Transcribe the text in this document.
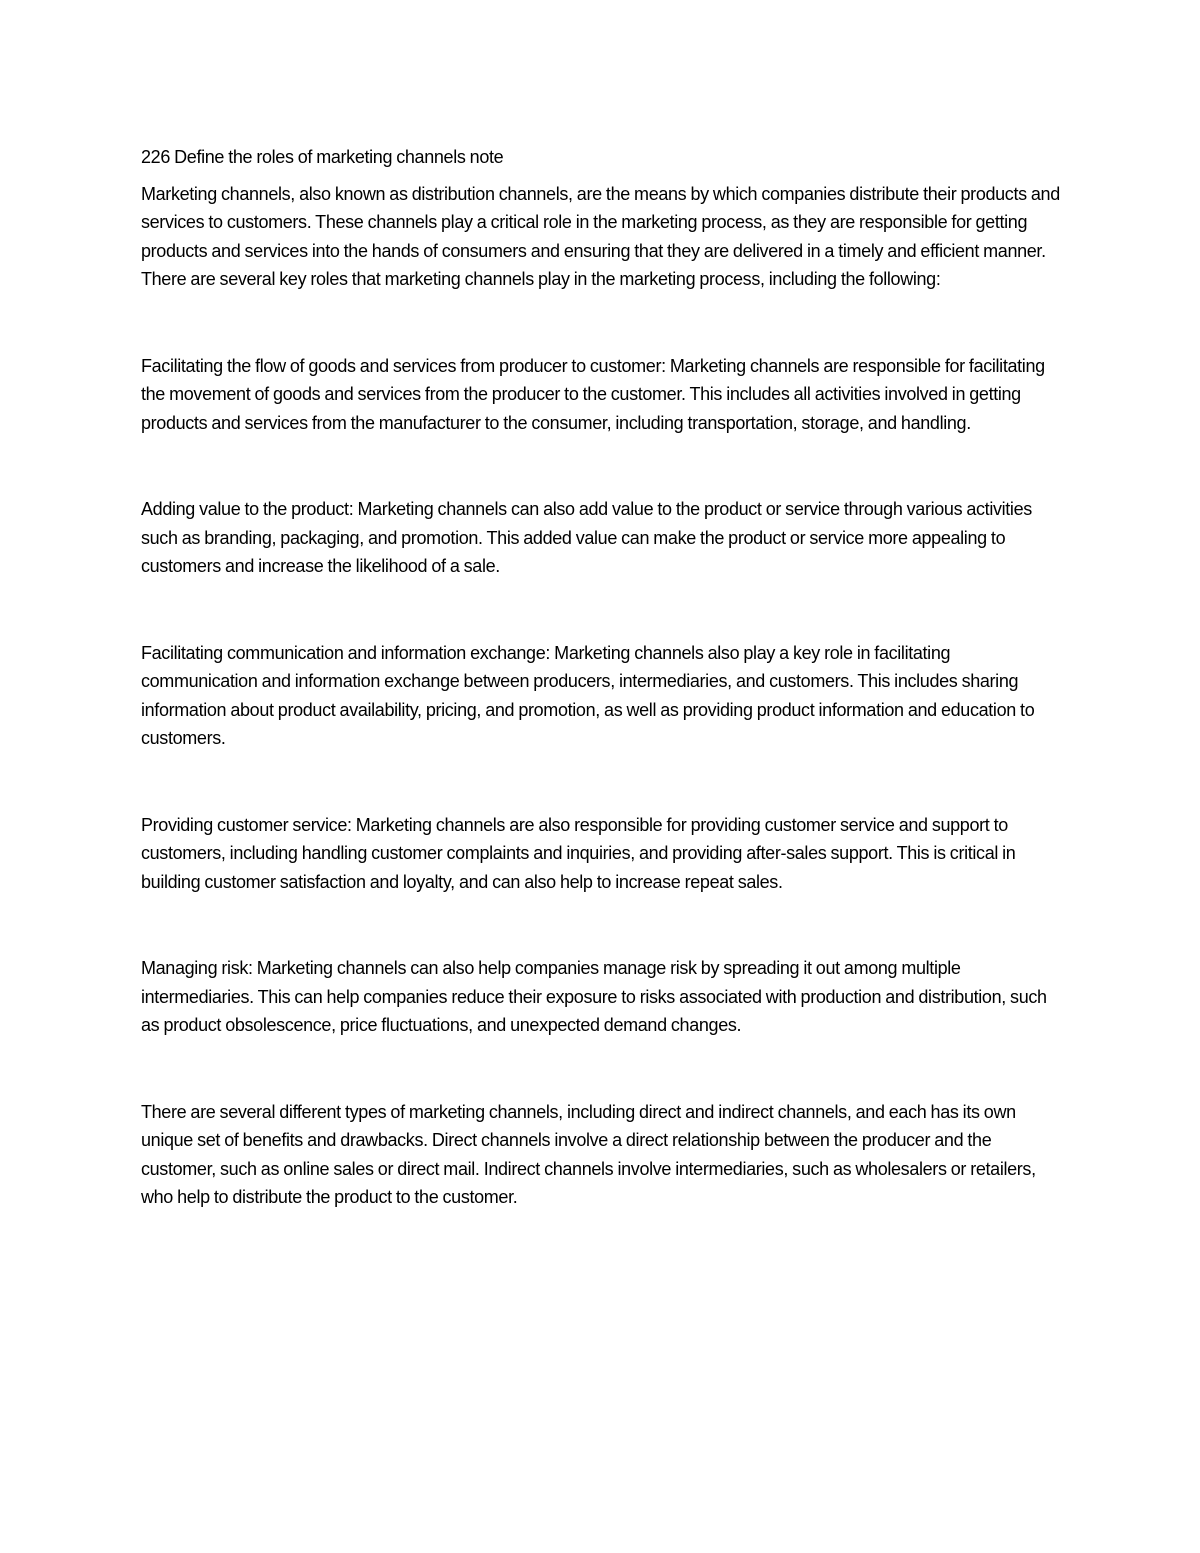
226 Define the roles of marketing channels note

Marketing channels, also known as distribution channels, are the means by which companies distribute their products and services to customers. These channels play a critical role in the marketing process, as they are responsible for getting products and services into the hands of consumers and ensuring that they are delivered in a timely and efficient manner. There are several key roles that marketing channels play in the marketing process, including the following:

Facilitating the flow of goods and services from producer to customer: Marketing channels are responsible for facilitating the movement of goods and services from the producer to the customer. This includes all activities involved in getting products and services from the manufacturer to the consumer, including transportation, storage, and handling.

Adding value to the product: Marketing channels can also add value to the product or service through various activities such as branding, packaging, and promotion. This added value can make the product or service more appealing to customers and increase the likelihood of a sale.

Facilitating communication and information exchange: Marketing channels also play a key role in facilitating communication and information exchange between producers, intermediaries, and customers. This includes sharing information about product availability, pricing, and promotion, as well as providing product information and education to customers.

Providing customer service: Marketing channels are also responsible for providing customer service and support to customers, including handling customer complaints and inquiries, and providing after-sales support. This is critical in building customer satisfaction and loyalty, and can also help to increase repeat sales.

Managing risk: Marketing channels can also help companies manage risk by spreading it out among multiple intermediaries. This can help companies reduce their exposure to risks associated with production and distribution, such as product obsolescence, price fluctuations, and unexpected demand changes.

There are several different types of marketing channels, including direct and indirect channels, and each has its own unique set of benefits and drawbacks. Direct channels involve a direct relationship between the producer and the customer, such as online sales or direct mail. Indirect channels involve intermediaries, such as wholesalers or retailers, who help to distribute the product to the customer.
